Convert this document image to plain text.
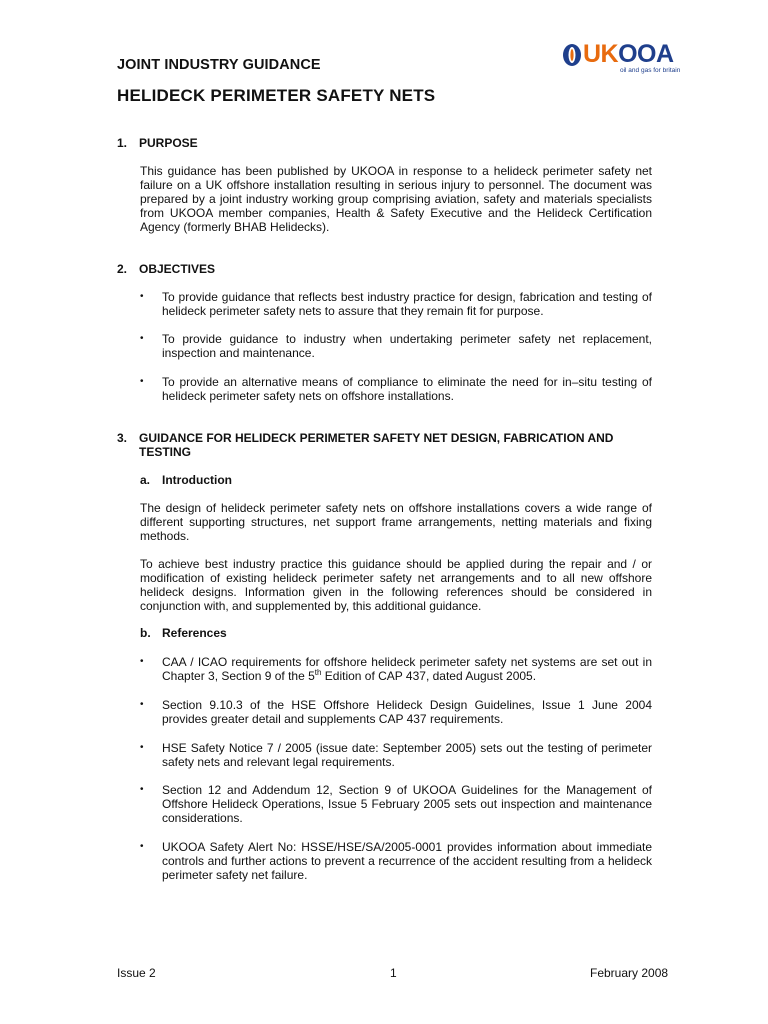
JOINT INDUSTRY GUIDANCE
HELIDECK PERIMETER SAFETY NETS
UKOOA
oil and gas for britain
1. PURPOSE
This guidance has been published by UKOOA in response to a helideck perimeter safety net failure on a UK offshore installation resulting in serious injury to personnel. The document was prepared by a joint industry working group comprising aviation, safety and materials specialists from UKOOA member companies, Health & Safety Executive and the Helideck Certification Agency (formerly BHAB Helidecks).
2. OBJECTIVES
•	To provide guidance that reflects best industry practice for design, fabrication and testing of helideck perimeter safety nets to assure that they remain fit for purpose.
•	To provide guidance to industry when undertaking perimeter safety net replacement, inspection and maintenance.
•	To provide an alternative means of compliance to eliminate the need for in–situ testing of helideck perimeter safety nets on offshore installations.
3. GUIDANCE FOR HELIDECK PERIMETER SAFETY NET DESIGN, FABRICATION AND TESTING
a. Introduction
The design of helideck perimeter safety nets on offshore installations covers a wide range of different supporting structures, net support frame arrangements, netting materials and fixing methods.
To achieve best industry practice this guidance should be applied during the repair and / or modification of existing helideck perimeter safety net arrangements and to all new offshore helideck designs. Information given in the following references should be considered in conjunction with, and supplemented by, this additional guidance.
b. References
•	CAA / ICAO requirements for offshore helideck perimeter safety net systems are set out in Chapter 3, Section 9 of the 5th Edition of CAP 437, dated August 2005.
•	Section 9.10.3 of the HSE Offshore Helideck Design Guidelines, Issue 1 June 2004 provides greater detail and supplements CAP 437 requirements.
•	HSE Safety Notice 7 / 2005 (issue date: September 2005) sets out the testing of perimeter safety nets and relevant legal requirements.
•	Section 12 and Addendum 12, Section 9 of UKOOA Guidelines for the Management of Offshore Helideck Operations, Issue 5 February 2005 sets out inspection and maintenance considerations.
•	UKOOA Safety Alert No: HSSE/HSE/SA/2005-0001 provides information about immediate controls and further actions to prevent a recurrence of the accident resulting from a helideck perimeter safety net failure.
Issue 2	1	February 2008
